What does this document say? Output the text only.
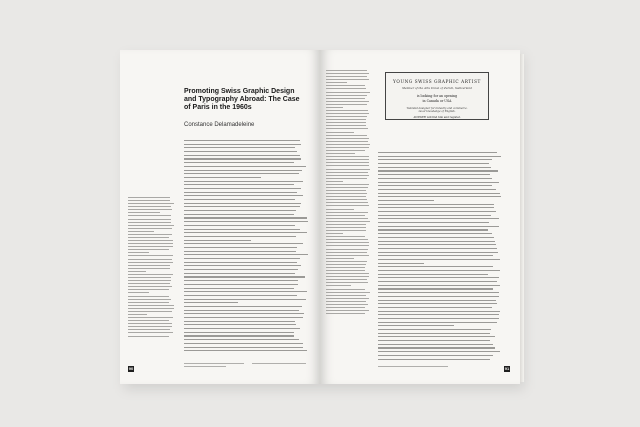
Promoting Swiss Graphic Design and Typography Abroad: The Case of Paris in the 1960s
Constance Delamadeleine
90
YOUNG SWISS GRAPHIC ARTIST
Member of the Arts Union of Zurich, Switzerland
is looking for an opening
in Canada or USA
Talented designer for industry and commerce.
Good knowledge of English.
ANSWER will find him and register.
91
